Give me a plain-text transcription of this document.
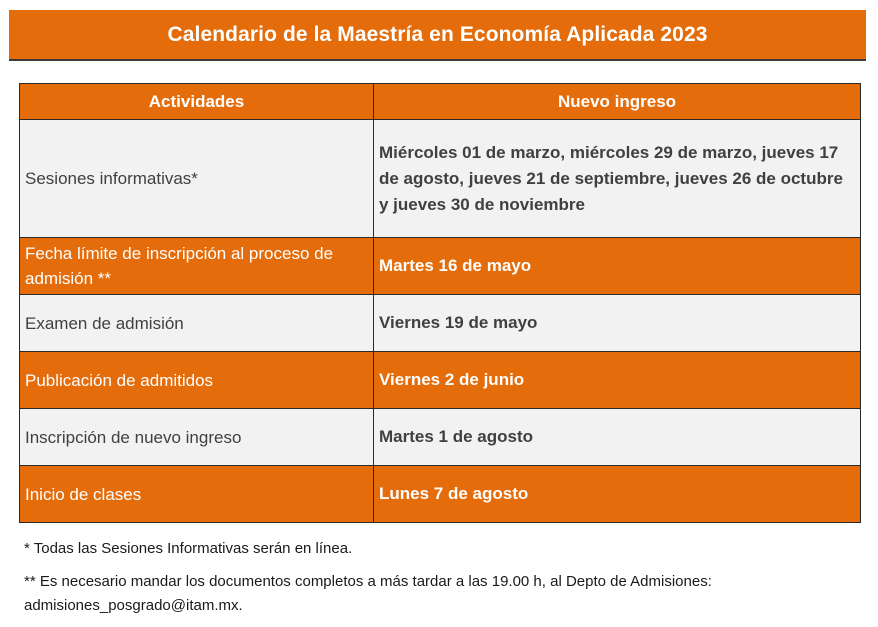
Calendario de la Maestría en Economía Aplicada 2023
Actividades	Nuevo ingreso
Sesiones informativas*	Miércoles 01 de marzo, miércoles 29 de marzo, jueves 17 de agosto, jueves 21 de septiembre, jueves 26 de octubre y jueves 30 de noviembre
Fecha límite de inscripción al proceso de admisión **	Martes 16 de mayo
Examen de admisión	Viernes 19 de mayo
Publicación de admitidos	Viernes 2 de junio
Inscripción de nuevo ingreso	Martes 1 de agosto
Inicio de clases	Lunes 7 de agosto
* Todas las Sesiones Informativas serán en línea.
** Es necesario mandar los documentos completos a más tardar a las 19.00 h, al Depto de Admisiones: admisiones_posgrado@itam.mx.
